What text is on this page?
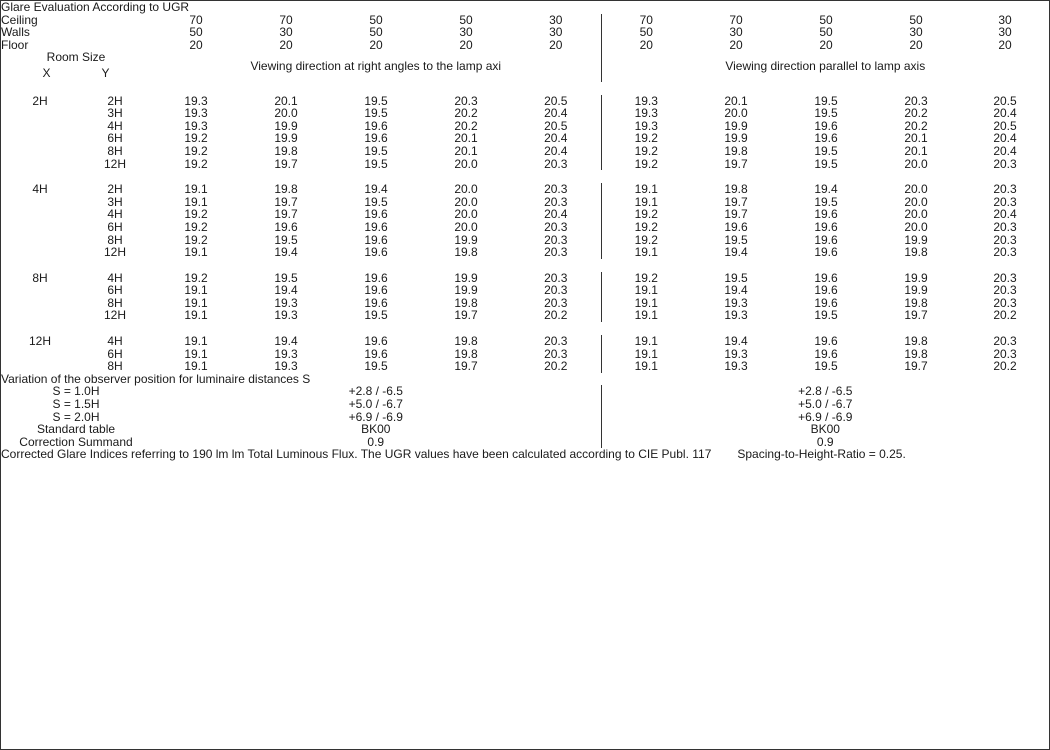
Glare Evaluation According to UGR											
Ceiling		70	70	50	50	30	70	70	50	50	30
Walls		50	30	50	30	30	50	30	50	30	30
Floor		20	20	20	20	20	20	20	20	20	20

Room Size
X Y		Viewing direction at right angles to the lamp axi					Viewing direction parallel to lamp axis				

2H	2H	19.3	20.1	19.5	20.3	20.5	19.3	20.1	19.5	20.3	20.5
	3H	19.3	20.0	19.5	20.2	20.4	19.3	20.0	19.5	20.2	20.4
	4H	19.3	19.9	19.6	20.2	20.5	19.3	19.9	19.6	20.2	20.5
	6H	19.2	19.9	19.6	20.1	20.4	19.2	19.9	19.6	20.1	20.4
	8H	19.2	19.8	19.5	20.1	20.4	19.2	19.8	19.5	20.1	20.4
	12H	19.2	19.7	19.5	20.0	20.3	19.2	19.7	19.5	20.0	20.3

4H	2H	19.1	19.8	19.4	20.0	20.3	19.1	19.8	19.4	20.0	20.3
	3H	19.1	19.7	19.5	20.0	20.3	19.1	19.7	19.5	20.0	20.3
	4H	19.2	19.7	19.6	20.0	20.4	19.2	19.7	19.6	20.0	20.4
	6H	19.2	19.6	19.6	20.0	20.3	19.2	19.6	19.6	20.0	20.3
	8H	19.2	19.5	19.6	19.9	20.3	19.2	19.5	19.6	19.9	20.3
	12H	19.1	19.4	19.6	19.8	20.3	19.1	19.4	19.6	19.8	20.3

8H	4H	19.2	19.5	19.6	19.9	20.3	19.2	19.5	19.6	19.9	20.3
	6H	19.1	19.4	19.6	19.9	20.3	19.1	19.4	19.6	19.9	20.3
	8H	19.1	19.3	19.6	19.8	20.3	19.1	19.3	19.6	19.8	20.3
	12H	19.1	19.3	19.5	19.7	20.2	19.1	19.3	19.5	19.7	20.2

12H	4H	19.1	19.4	19.6	19.8	20.3	19.1	19.4	19.6	19.8	20.3
	6H	19.1	19.3	19.6	19.8	20.3	19.1	19.3	19.6	19.8	20.3
	8H	19.1	19.3	19.5	19.7	20.2	19.1	19.3	19.5	19.7	20.2
Variation of the observer position for luminaire distances S											
S = 1.0H		+2.8 / -6.5					+2.8 / -6.5				
S = 1.5H		+5.0 / -6.7					+5.0 / -6.7				
S = 2.0H		+6.9 / -6.9					+6.9 / -6.9				
Standard table		BK00					BK00				
Correction Summand		0.9					0.9				
Corrected Glare Indices referring to 190 lm lm Total Luminous Flux. The UGR values have been calculated according to CIE Publ. 117 Spacing-to-Height-Ratio = 0.25.											
